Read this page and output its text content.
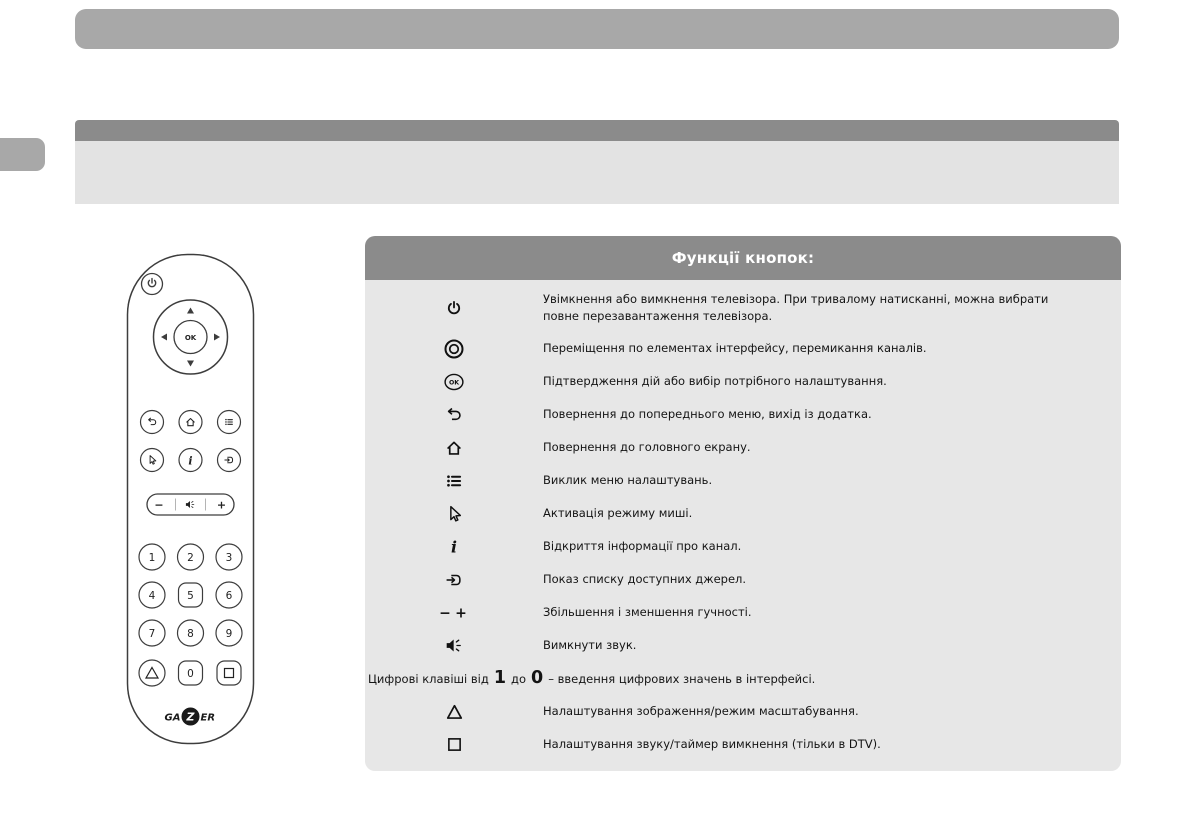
OK
i
−	+
1	2	3
4	5	6
7	8	9
0
GA Z ER
Функції кнопок:
Увімкнення або вимкнення телевізора. При тривалому натисканні, можна вибрати повне перезавантаження телевізора.
Переміщення по елементах інтерфейсу, перемикання каналів.
OK	Підтвердження дій або вибір потрібного налаштування.
Повернення до попереднього меню, вихід із додатка.
Повернення до головного екрану.
Виклик меню налаштувань.
Активація режиму миші.
i	Відкриття інформації про канал.
Показ списку доступних джерел.
− +	Збільшення і зменшення гучності.
Вимкнути звук.
Цифрові клавіші від 1 до 0 – введення цифрових значень в інтерфейсі.
Налаштування зображення/режим масштабування.
Налаштування звуку/таймер вимкнення (тільки в DTV).
